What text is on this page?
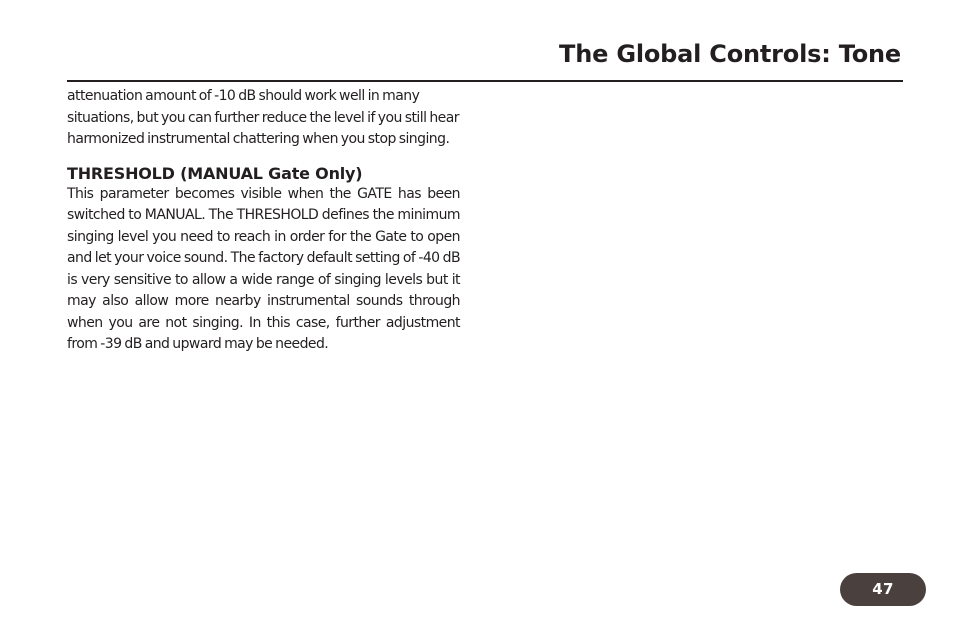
The Global Controls: Tone

attenuation amount of -10 dB should work well in many situations, but you can further reduce the level if you still hear harmonized instrumental chattering when you stop singing.

THRESHOLD (MANUAL Gate Only)

This parameter becomes visible when the GATE has been switched to MANUAL. The THRESHOLD defines the minimum singing level you need to reach in order for the Gate to open and let your voice sound. The factory default setting of -40 dB is very sensitive to allow a wide range of singing levels but it may also allow more nearby instrumental sounds through when you are not singing. In this case, further adjustment from -39 dB and upward may be needed.

47
